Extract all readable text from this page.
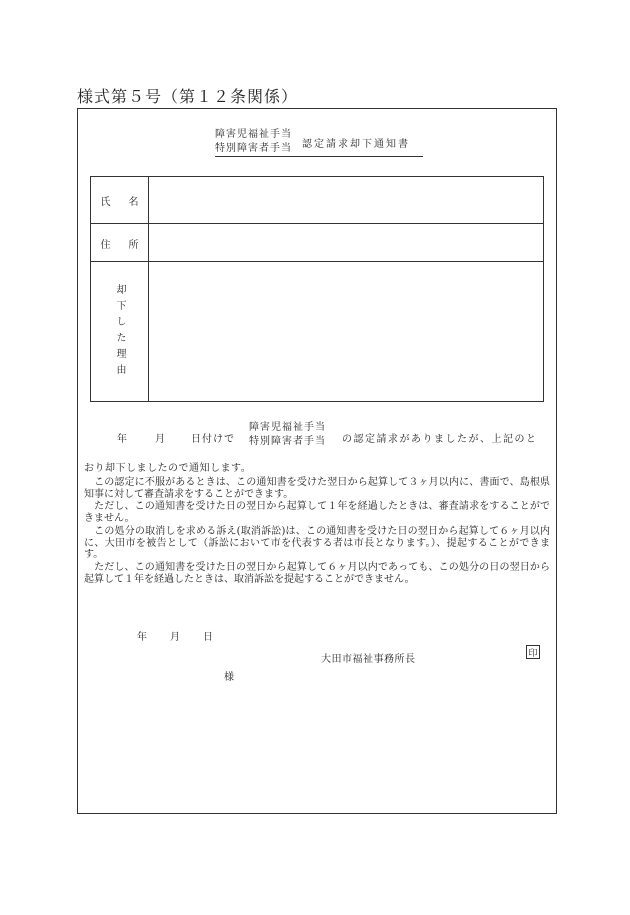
様式第５号（第１２条関係）
障害児福祉手当
特別障害者手当 認定請求却下通知書
氏名
住所
却下した理由
年	月	日付けで
障害児福祉手当
特別障害者手当 の認定請求がありましたが、上記のと
おり却下しましたので通知します。
　この認定に不服があるときは、この通知書を受けた翌日から起算して３ヶ月以内に、書面で、島根県知事に対して審査請求をすることができます。
　ただし、この通知書を受けた日の翌日から起算して１年を経過したときは、審査請求をすることができません。
　この処分の取消しを求める訴え(取消訴訟)は、この通知書を受けた日の翌日から起算して６ヶ月以内に、大田市を被告として（訴訟において市を代表する者は市長となります。）、提起することができます。
　ただし、この通知書を受けた日の翌日から起算して６ヶ月以内であっても、この処分の日の翌日から起算して１年を経過したときは、取消訴訟を提起することができません。
年 月 日
大田市福祉事務所長
印
様
